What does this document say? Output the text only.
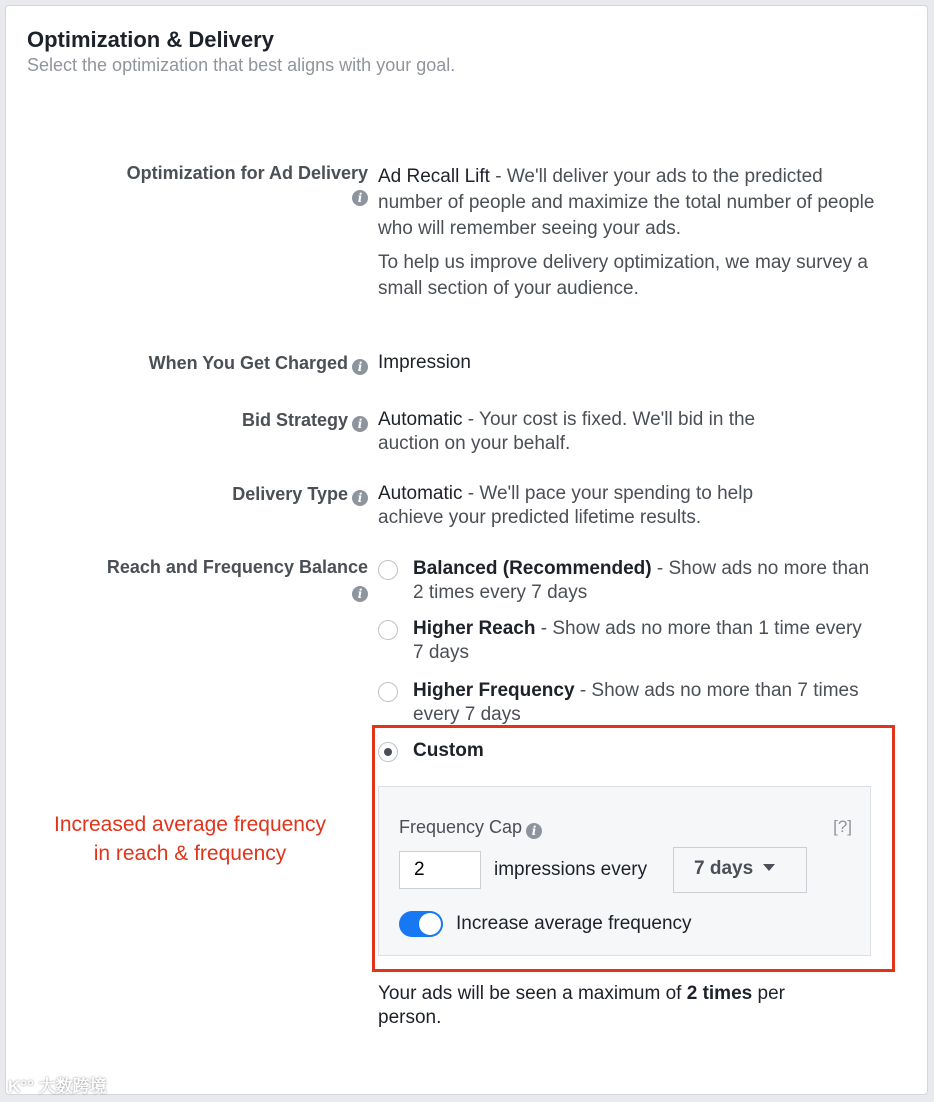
Optimization & Delivery
Select the optimization that best aligns with your goal.
Optimization for Ad Delivery
i
Ad Recall Lift - We'll deliver your ads to the predicted number of people and maximize the total number of people who will remember seeing your ads.
To help us improve delivery optimization, we may survey a small section of your audience.
When You Get Charged i Impression
Bid Strategy i Automatic - Your cost is fixed. We'll bid in the auction on your behalf.
Delivery Type i Automatic - We'll pace your spending to help achieve your predicted lifetime results.
Reach and Frequency Balance
i
Balanced (Recommended) - Show ads no more than 2 times every 7 days
Higher Reach - Show ads no more than 1 time every 7 days
Higher Frequency - Show ads no more than 7 times every 7 days
Custom
Frequency Cap i	[?]
2
impressions every	7 days
Increase average frequency
Your ads will be seen a maximum of 2 times per person.
Increased average frequency
in reach & frequency
K°° 大数跨境
